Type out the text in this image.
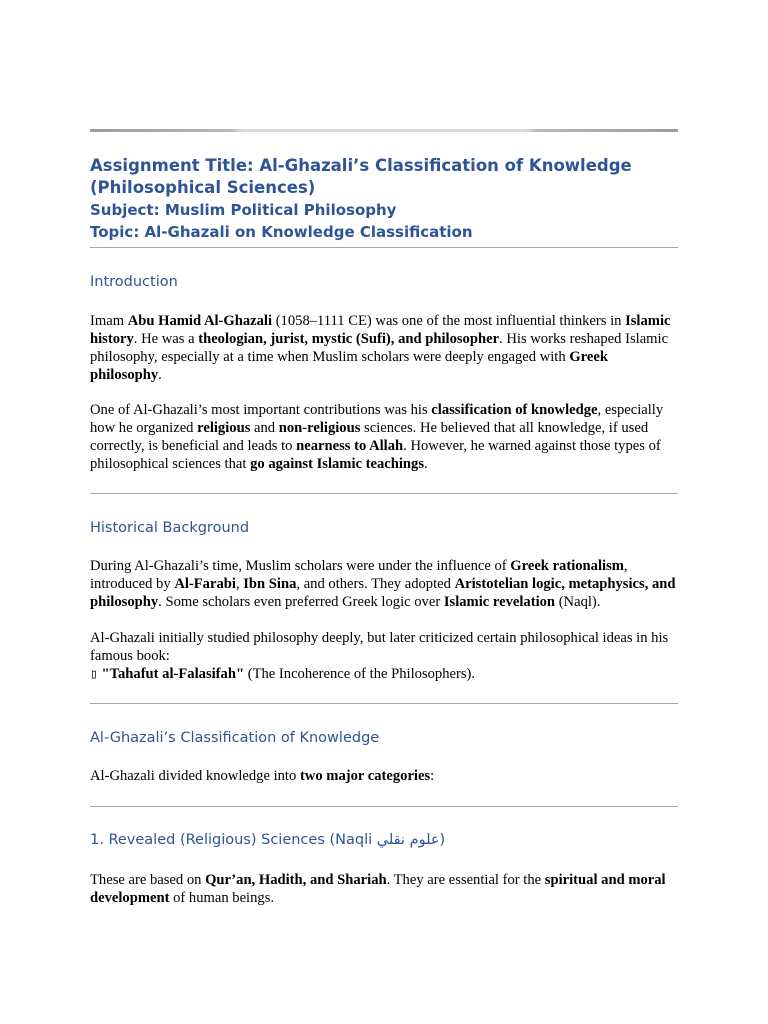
Assignment Title: Al-Ghazali’s Classification of Knowledge
(Philosophical Sciences)
Subject: Muslim Political Philosophy
Topic: Al-Ghazali on Knowledge Classification
Introduction
Imam Abu Hamid Al-Ghazali (1058–1111 CE) was one of the most influential thinkers in Islamic history. He was a theologian, jurist, mystic (Sufi), and philosopher. His works reshaped Islamic philosophy, especially at a time when Muslim scholars were deeply engaged with Greek philosophy.
One of Al-Ghazali’s most important contributions was his classification of knowledge, especially how he organized religious and non-religious sciences. He believed that all knowledge, if used correctly, is beneficial and leads to nearness to Allah. However, he warned against those types of philosophical sciences that go against Islamic teachings.
Historical Background
During Al-Ghazali’s time, Muslim scholars were under the influence of Greek rationalism, introduced by Al-Farabi, Ibn Sina, and others. They adopted Aristotelian logic, metaphysics, and philosophy. Some scholars even preferred Greek logic over Islamic revelation (Naql).
Al-Ghazali initially studied philosophy deeply, but later criticized certain philosophical ideas in his famous book:
▯ "Tahafut al-Falasifah" (The Incoherence of the Philosophers).
Al-Ghazali’s Classification of Knowledge
Al-Ghazali divided knowledge into two major categories:
1. Revealed (Religious) Sciences (Naqli علوم نقلي)
These are based on Qur’an, Hadith, and Shariah. They are essential for the spiritual and moral development of human beings.
